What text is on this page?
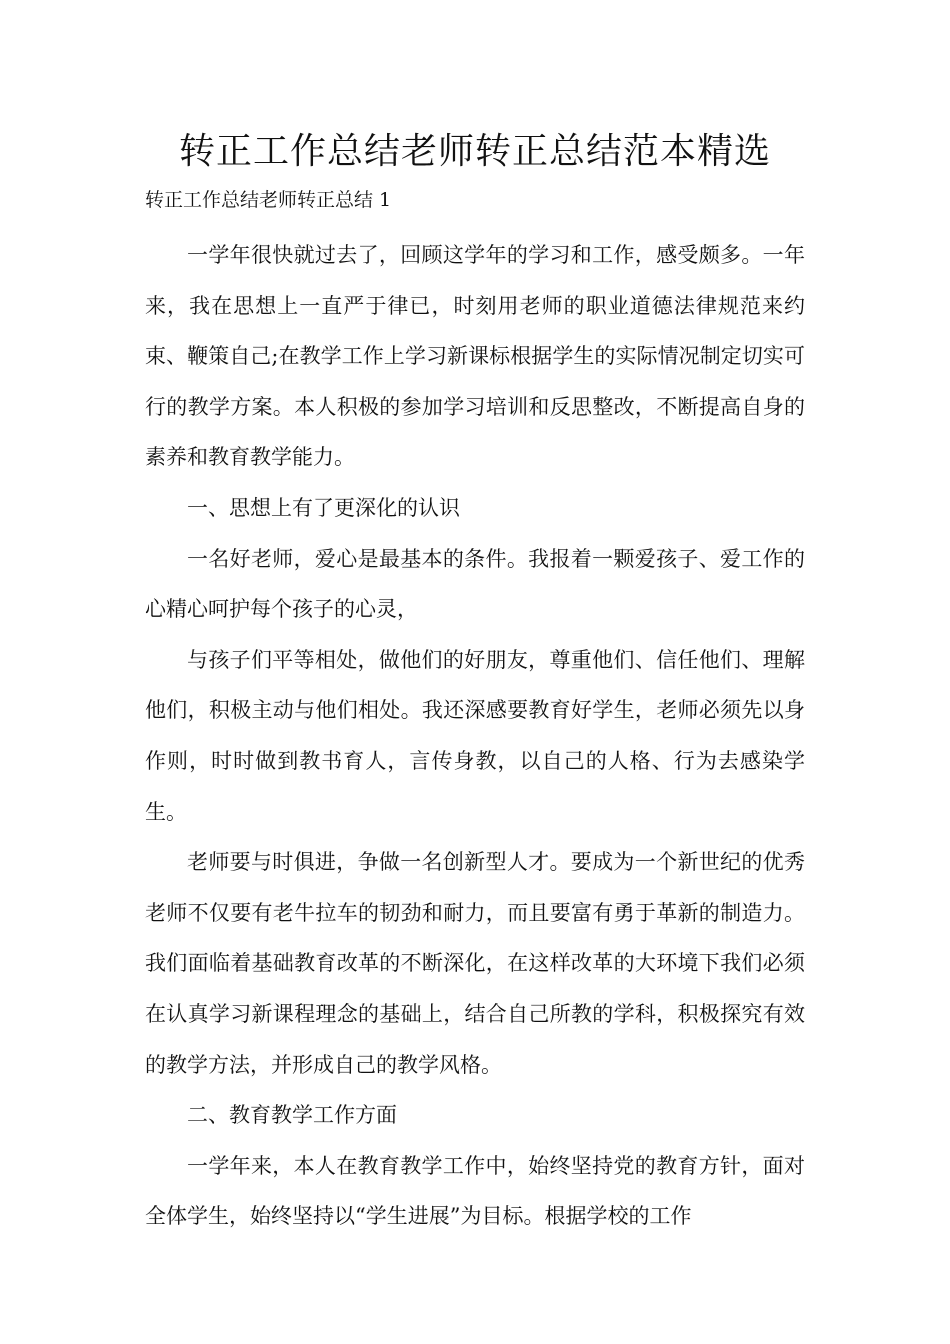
转正工作总结老师转正总结范本精选
转正工作总结老师转正总结 1

一学年很快就过去了，回顾这学年的学习和工作，感受颇多。一年来，我在思想上一直严于律已，时刻用老师的职业道德法律规范来约束、鞭策自己;在教学工作上学习新课标根据学生的实际情况制定切实可行的教学方案。本人积极的参加学习培训和反思整改，不断提高自身的素养和教育教学能力。

一、思想上有了更深化的认识

一名好老师，爱心是最基本的条件。我报着一颗爱孩子、爱工作的心精心呵护每个孩子的心灵，

与孩子们平等相处，做他们的好朋友，尊重他们、信任他们、理解他们，积极主动与他们相处。我还深感要教育好学生，老师必须先以身作则，时时做到教书育人，言传身教，以自己的人格、行为去感染学生。

老师要与时俱进，争做一名创新型人才。要成为一个新世纪的优秀老师不仅要有老牛拉车的韧劲和耐力，而且要富有勇于革新的制造力。我们面临着基础教育改革的不断深化，在这样改革的大环境下我们必须在认真学习新课程理念的基础上，结合自己所教的学科，积极探究有效的教学方法，并形成自己的教学风格。

二、教育教学工作方面

一学年来，本人在教育教学工作中，始终坚持党的教育方针，面对全体学生，始终坚持以“学生进展”为目标。根据学校的工作
